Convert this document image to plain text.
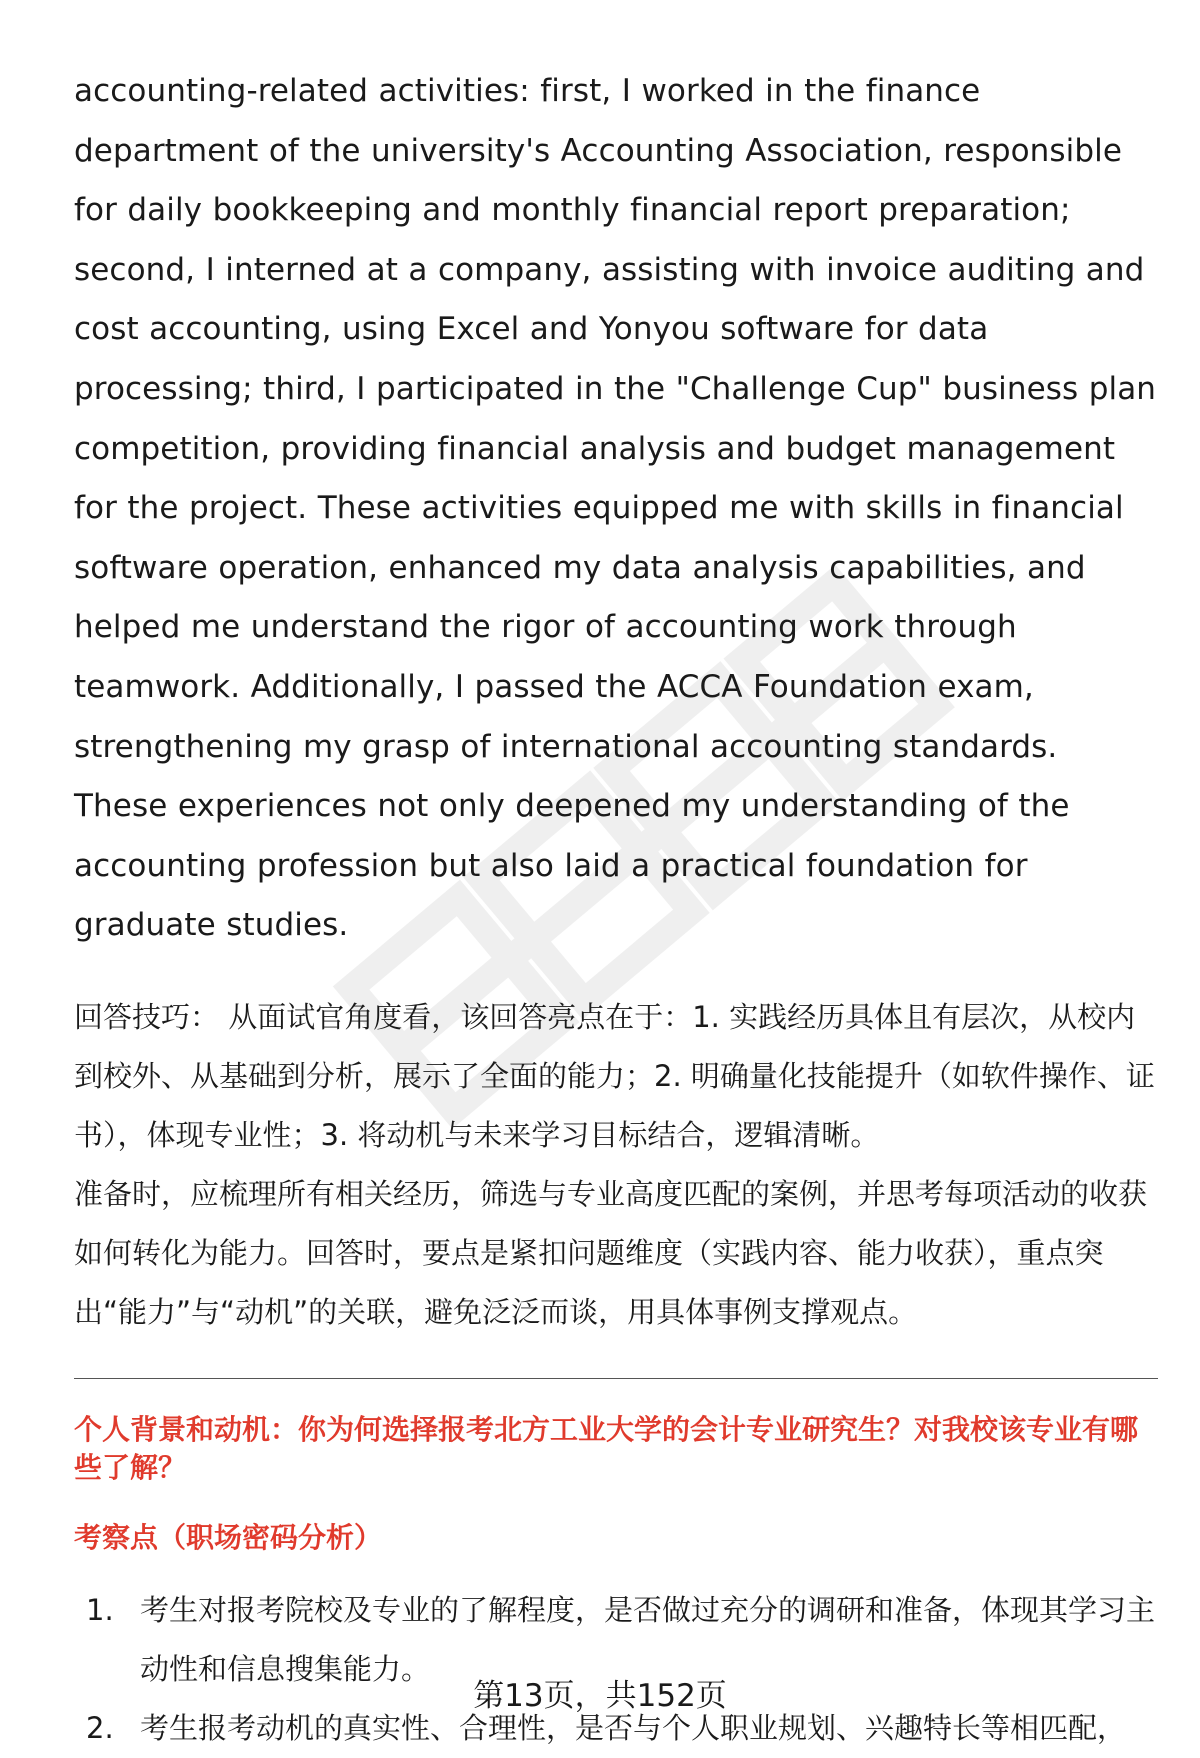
accounting-related activities: first, I worked in the finance department of the university's Accounting Association, responsible for daily bookkeeping and monthly financial report preparation; second, I interned at a company, assisting with invoice auditing and cost accounting, using Excel and Yonyou software for data processing; third, I participated in the "Challenge Cup" business plan competition, providing financial analysis and budget management for the project. These activities equipped me with skills in financial software operation, enhanced my data analysis capabilities, and helped me understand the rigor of accounting work through teamwork. Additionally, I passed the ACCA Foundation exam, strengthening my grasp of international accounting standards. These experiences not only deepened my understanding of the accounting profession but also laid a practical foundation for graduate studies.

回答技巧： 从面试官角度看，该回答亮点在于：1. 实践经历具体且有层次，从校内到校外、从基础到分析，展示了全面的能力；2. 明确量化技能提升（如软件操作、证书），体现专业性；3. 将动机与未来学习目标结合，逻辑清晰。

准备时，应梳理所有相关经历，筛选与专业高度匹配的案例，并思考每项活动的收获如何转化为能力。回答时，要点是紧扣问题维度（实践内容、能力收获），重点突出“能力”与“动机”的关联，避免泛泛而谈，用具体事例支撑观点。

个人背景和动机：你为何选择报考北方工业大学的会计专业研究生？对我校该专业有哪些了解？
考察点（职场密码分析）
1. 考生对报考院校及专业的了解程度，是否做过充分的调研和准备，体现其学习主动性和信息搜集能力。
2. 考生报考动机的真实性、合理性，是否与个人职业规划、兴趣特长等相匹配，
第13页，共152页
